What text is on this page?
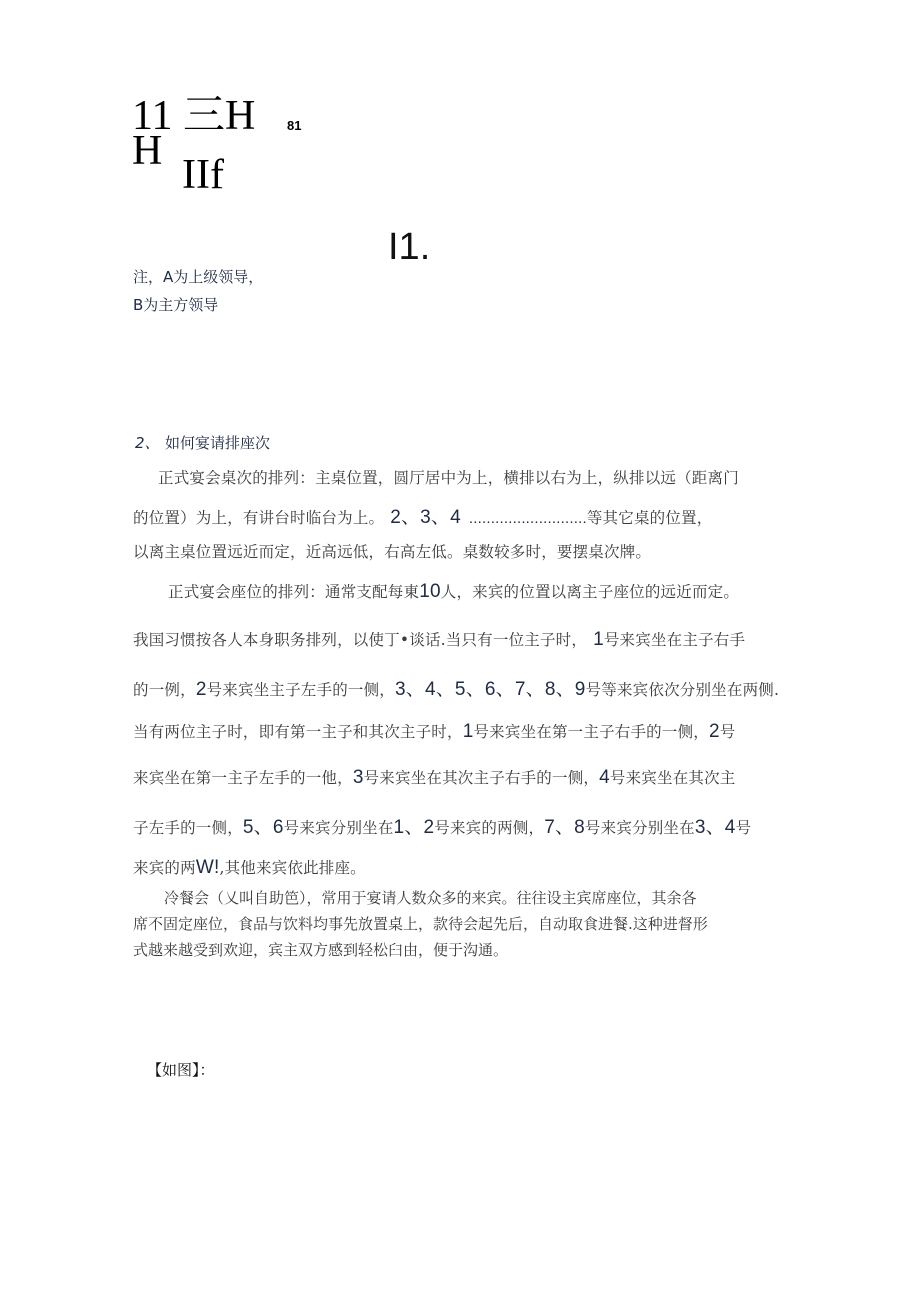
11 三H
H
IIf
81
I1.
注，A为上级领导，
B为主方领导
2、 如何宴请排座次
正式宴会桌次的排列：主桌位置，圆厅居中为上，横排以右为上，纵排以远（距离门
的位置）为上，有讲台时临台为上。 2、3、4 ...........................等其它桌的位置，
以离主桌位置远近而定，近高远低，右高左低。桌数较多时，要摆桌次牌。
正式宴会座位的排列：通常支配每東10人，来宾的位置以离主子座位的远近而定。
我国习惯按各人本身职务排列，以使丁•谈话.当只有一位主子时， 1号来宾坐在主子右手
的一例，2号来宾坐主子左手的一侧，3、4、5、6、7、8、9号等来宾依次分别坐在两侧.
当有两位主子时，即有第一主子和其次主子时，1号来宾坐在第一主子右手的一侧，2号
来宾坐在第一主子左手的一他，3号来宾坐在其次主子右手的一侧，4号来宾坐在其次主
子左手的一侧，5、6号来宾分别坐在1、2号来宾的两侧，7、8号来宾分别坐在3、4号
来宾的两W!,其他来宾依此排座。
冷餐会（乂叫自助笆），常用于宴请人数众多的来宾。往往设主宾席座位，其余各
席不固定座位，食品与饮料均事先放置桌上，款待会起先后，自动取食进餐.这种进督形
式越来越受到欢迎，宾主双方感到轻松臼由，便于沟通。
【如图】：
